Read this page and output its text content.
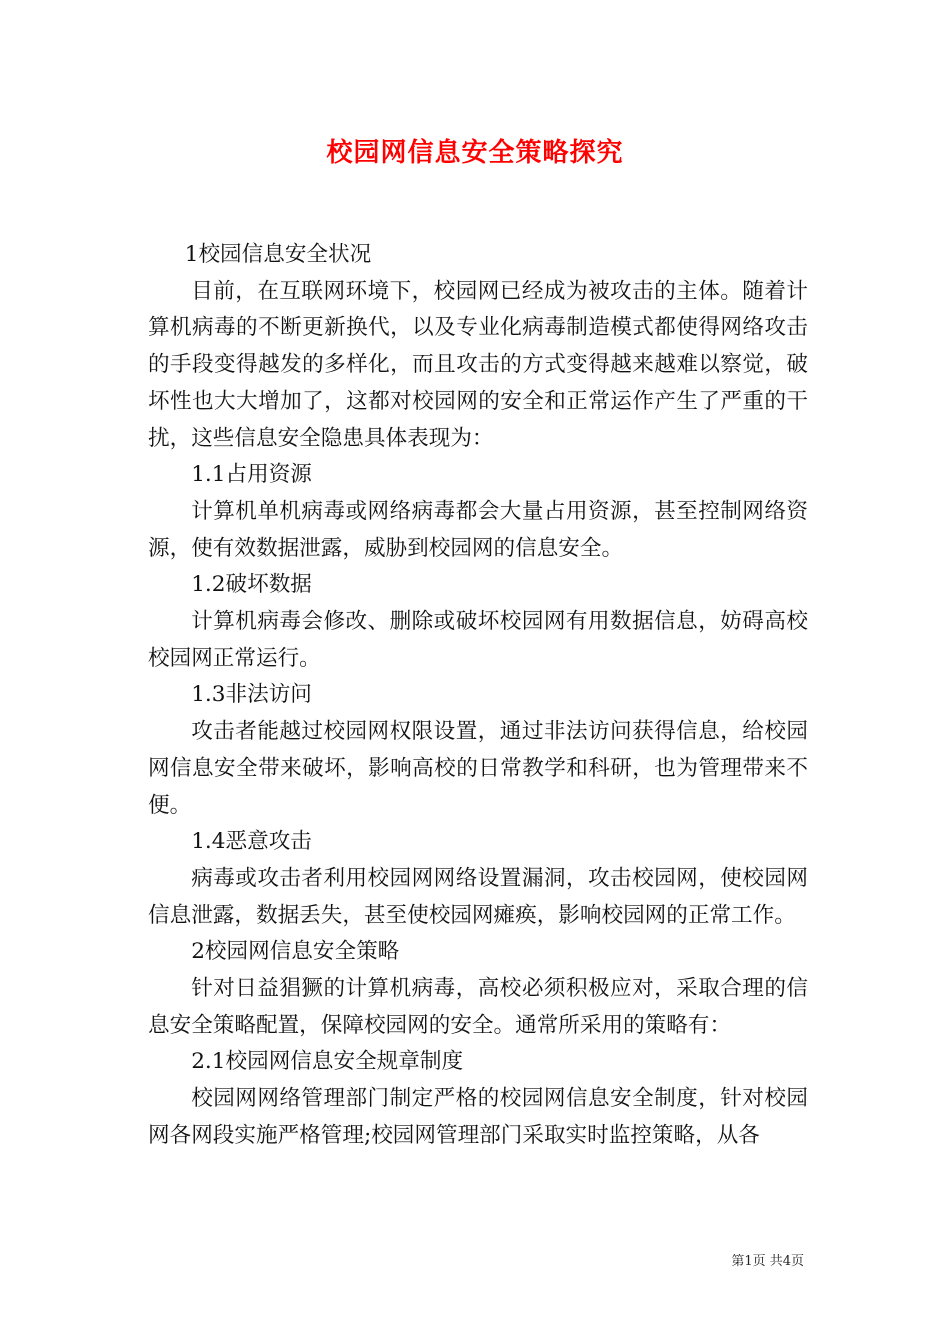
校园网信息安全策略探究

1校园信息安全状况

目前，在互联网环境下，校园网已经成为被攻击的主体。随着计算机病毒的不断更新换代，以及专业化病毒制造模式都使得网络攻击的手段变得越发的多样化，而且攻击的方式变得越来越难以察觉，破坏性也大大增加了，这都对校园网的安全和正常运作产生了严重的干扰，这些信息安全隐患具体表现为：

1.1占用资源

计算机单机病毒或网络病毒都会大量占用资源，甚至控制网络资源，使有效数据泄露，威胁到校园网的信息安全。

1.2破坏数据

计算机病毒会修改、删除或破坏校园网有用数据信息，妨碍高校校园网正常运行。

1.3非法访问

攻击者能越过校园网权限设置，通过非法访问获得信息，给校园网信息安全带来破坏，影响高校的日常教学和科研，也为管理带来不便。

1.4恶意攻击

病毒或攻击者利用校园网网络设置漏洞，攻击校园网，使校园网信息泄露，数据丢失，甚至使校园网瘫痪，影响校园网的正常工作。

2校园网信息安全策略

针对日益猖獗的计算机病毒，高校必须积极应对，采取合理的信息安全策略配置，保障校园网的安全。通常所采用的策略有：

2.1校园网信息安全规章制度

校园网网络管理部门制定严格的校园网信息安全制度，针对校园网各网段实施严格管理;校园网管理部门采取实时监控策略，从各

第1页 共4页
